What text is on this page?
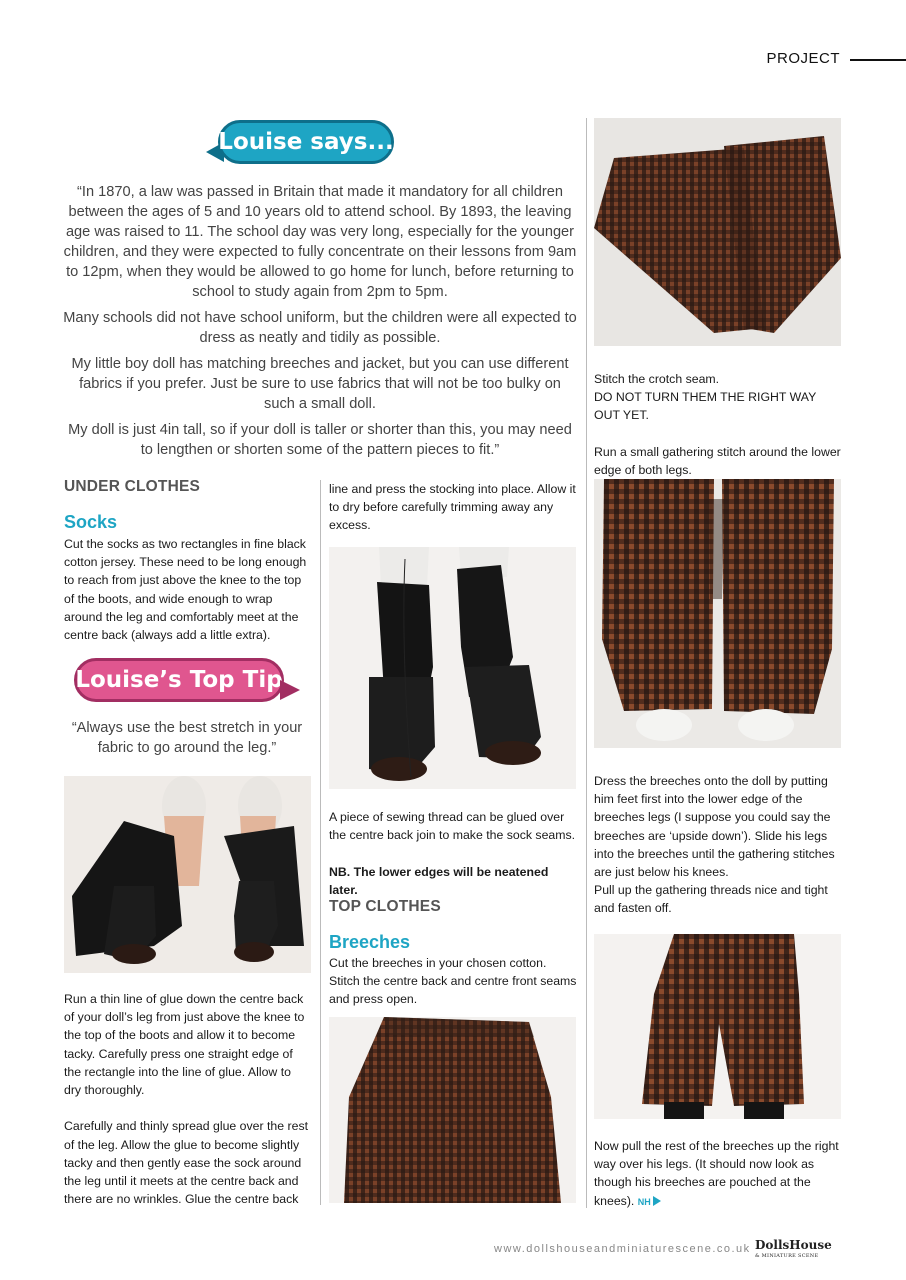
PROJECT
Louise says...

“In 1870, a law was passed in Britain that made it mandatory for all children between the ages of 5 and 10 years old to attend school. By 1893, the leaving age was raised to 11. The school day was very long, especially for the younger children, and they were expected to fully concentrate on their lessons from 9am to 12pm, when they would be allowed to go home for lunch, before returning to school to study again from 2pm to 5pm.

Many schools did not have school uniform, but the children were all expected to dress as neatly and tidily as possible.

My little boy doll has matching breeches and jacket, but you can use different fabrics if you prefer. Just be sure to use fabrics that will not be too bulky on such a small doll.

My doll is just 4in tall, so if your doll is taller or shorter than this, you may need to lengthen or shorten some of the pattern pieces to fit.”

UNDER CLOTHES
Socks
Cut the socks as two rectangles in fine black cotton jersey. These need to be long enough to reach from just above the knee to the top of the boots, and wide enough to wrap around the leg and comfortably meet at the centre back (always add a little extra).
Louise’s Top Tip
“Always use the best stretch in your fabric to go around the leg.”

Run a thin line of glue down the centre back of your doll’s leg from just above the knee to the top of the boots and allow it to become tacky. Carefully press one straight edge of the rectangle into the line of glue. Allow to dry thoroughly.

Carefully and thinly spread glue over the rest of the leg. Allow the glue to become slightly tacky and then gently ease the sock around the leg until it meets at the centre back and there are no wrinkles. Glue the centre back

line and press the stocking into place. Allow it to dry before carefully trimming away any excess.

A piece of sewing thread can be glued over the centre back join to make the sock seams.

NB. The lower edges will be neatened later.

TOP CLOTHES
Breeches
Cut the breeches in your chosen cotton. Stitch the centre back and centre front seams and press open.

Stitch the crotch seam.

DO NOT TURN THEM THE RIGHT WAY OUT YET.

Run a small gathering stitch around the lower edge of both legs.

Dress the breeches onto the doll by putting him feet first into the lower edge of the breeches legs (I suppose you could say the breeches are ‘upside down’). Slide his legs into the breeches until the gathering stitches are just below his knees.

Pull up the gathering threads nice and tight and fasten off.

Now pull the rest of the breeches up the right way over his legs. (It should now look as though his breeches are pouched at the knees). NH

www.dollshouseandminiaturescene.co.uk DollsHouse
& MINIATURE SCENE
